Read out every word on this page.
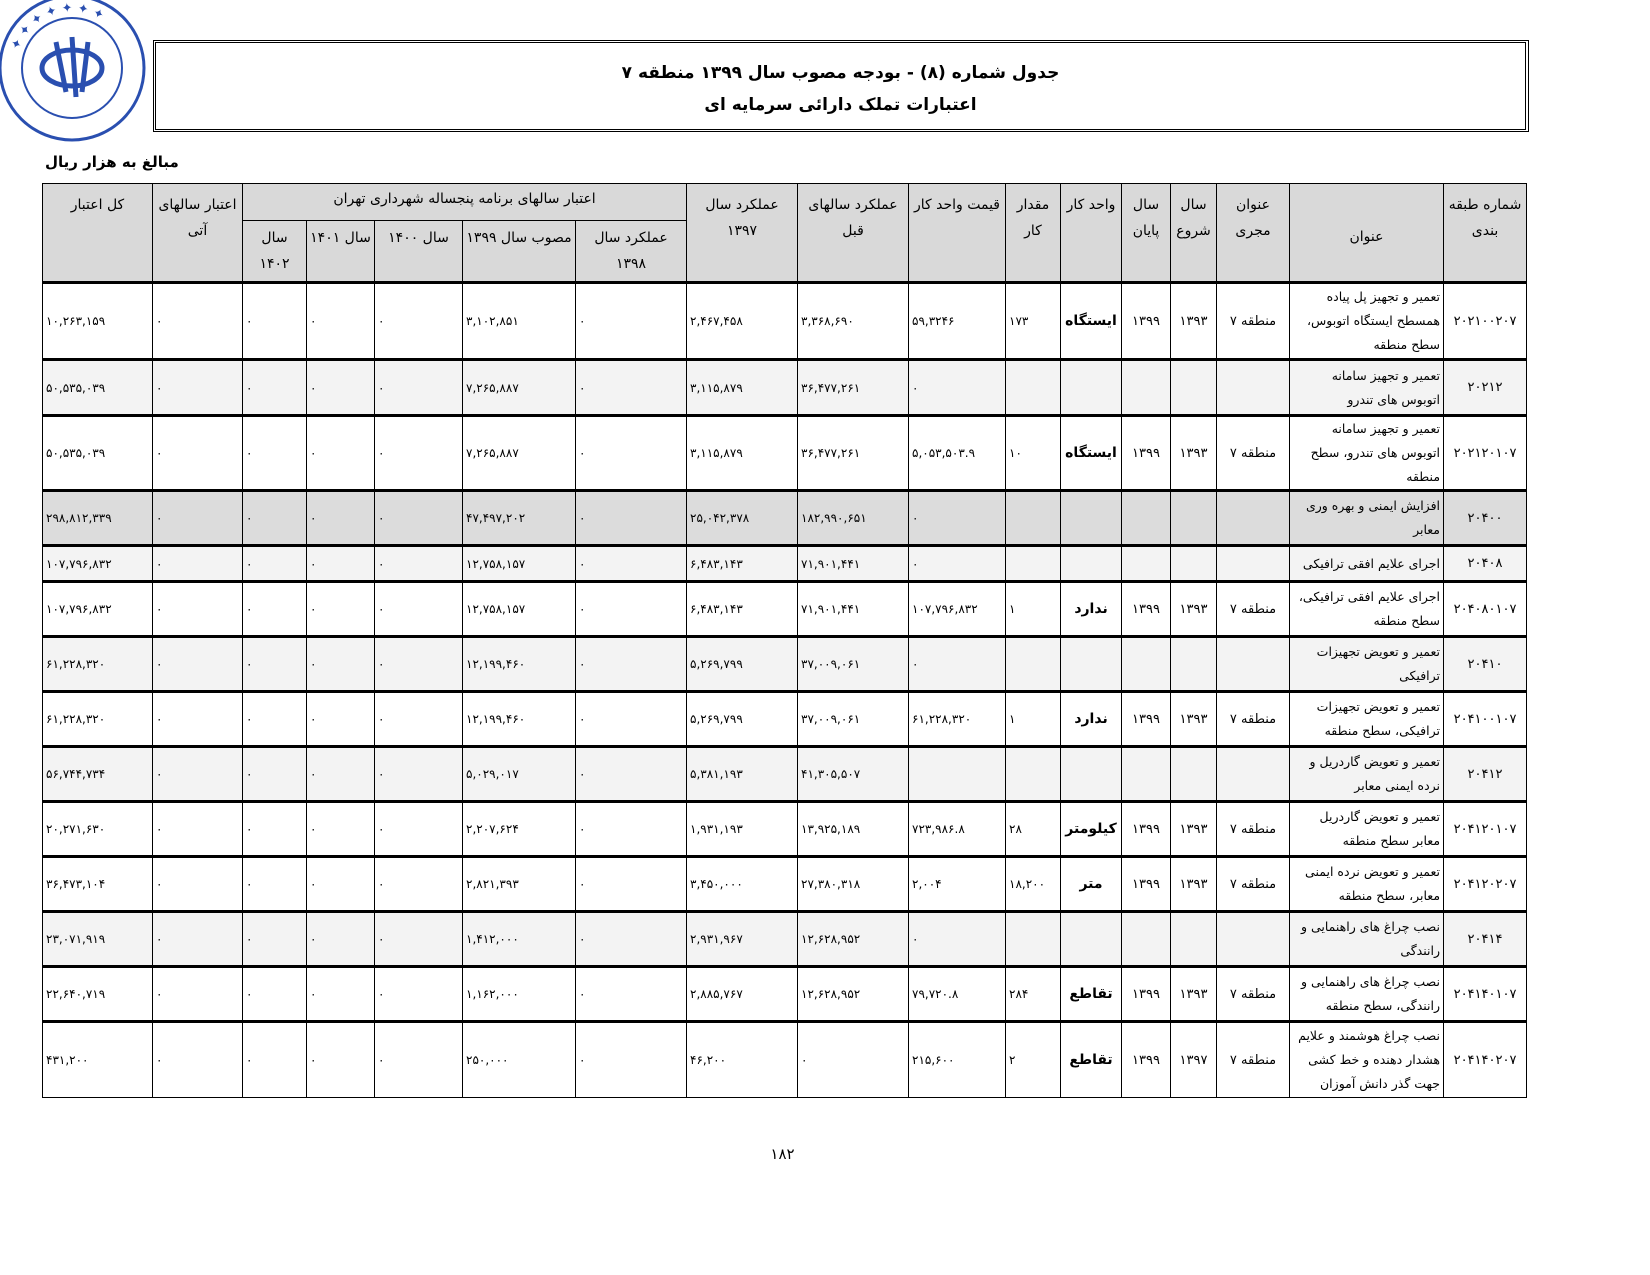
✦ ✦ ✦ ✦ ✦ ✦ ✦
جدول شماره (۸) - بودجه مصوب سال ۱۳۹۹ منطقه ۷
اعتبارات تملک دارائی سرمایه ای
مبالغ به هزار ریال
شماره طبقه بندی	عنوان	عنوان مجری	سال شروع	سال پایان	واحد کار	مقدار کار	قیمت واحد کار	عملکرد سالهای قبل	عملکرد سال ۱۳۹۷	اعتبار سالهای برنامه پنجساله شهرداری تهران					اعتبار سالهای آتی	کل اعتبار
										عملکرد سال ۱۳۹۸	مصوب سال ۱۳۹۹	سال ۱۴۰۰	سال ۱۴۰۱	سال ۱۴۰۲		
۲۰۲۱۰۰۲۰۷	تعمیر و تجهیز پل پیاده همسطح ایستگاه اتوبوس، سطح منطقه	منطقه ۷	۱۳۹۳	۱۳۹۹	ایستگاه	۱۷۳	۵۹,۳۲۴۶	۳,۳۶۸,۶۹۰	۲,۴۶۷,۴۵۸	۰	۳,۱۰۲,۸۵۱	۰	۰	۰	۰	۱۰,۲۶۳,۱۵۹
۲۰۲۱۲	تعمیر و تجهیز سامانه اتوبوس های تندرو						۰	۳۶,۴۷۷,۲۶۱	۳,۱۱۵,۸۷۹	۰	۷,۲۶۵,۸۸۷	۰	۰	۰	۰	۵۰,۵۳۵,۰۳۹
۲۰۲۱۲۰۱۰۷	تعمیر و تجهیز سامانه اتوبوس های تندرو، سطح منطقه	منطقه ۷	۱۳۹۳	۱۳۹۹	ایستگاه	۱۰	۵,۰۵۳,۵۰۳.۹	۳۶,۴۷۷,۲۶۱	۳,۱۱۵,۸۷۹	۰	۷,۲۶۵,۸۸۷	۰	۰	۰	۰	۵۰,۵۳۵,۰۳۹
۲۰۴۰۰	افزایش ایمنی و بهره وری معابر						۰	۱۸۲,۹۹۰,۶۵۱	۲۵,۰۴۲,۳۷۸	۰	۴۷,۴۹۷,۲۰۲	۰	۰	۰	۰	۲۹۸,۸۱۲,۳۳۹
۲۰۴۰۸	اجرای علایم افقی ترافیکی						۰	۷۱,۹۰۱,۴۴۱	۶,۴۸۳,۱۴۳	۰	۱۲,۷۵۸,۱۵۷	۰	۰	۰	۰	۱۰۷,۷۹۶,۸۳۲
۲۰۴۰۸۰۱۰۷	اجرای علایم افقی ترافیکی، سطح منطقه	منطقه ۷	۱۳۹۳	۱۳۹۹	ندارد	۱	۱۰۷,۷۹۶,۸۳۲	۷۱,۹۰۱,۴۴۱	۶,۴۸۳,۱۴۳	۰	۱۲,۷۵۸,۱۵۷	۰	۰	۰	۰	۱۰۷,۷۹۶,۸۳۲
۲۰۴۱۰	تعمیر و تعویض تجهیزات ترافیکی						۰	۳۷,۰۰۹,۰۶۱	۵,۲۶۹,۷۹۹	۰	۱۲,۱۹۹,۴۶۰	۰	۰	۰	۰	۶۱,۲۲۸,۳۲۰
۲۰۴۱۰۰۱۰۷	تعمیر و تعویض تجهیزات ترافیکی، سطح منطقه	منطقه ۷	۱۳۹۳	۱۳۹۹	ندارد	۱	۶۱,۲۲۸,۳۲۰	۳۷,۰۰۹,۰۶۱	۵,۲۶۹,۷۹۹	۰	۱۲,۱۹۹,۴۶۰	۰	۰	۰	۰	۶۱,۲۲۸,۳۲۰
۲۰۴۱۲	تعمیر و تعویض گاردریل و نرده ایمنی معابر							۴۱,۳۰۵,۵۰۷	۵,۳۸۱,۱۹۳	۰	۵,۰۲۹,۰۱۷	۰	۰	۰	۰	۵۶,۷۴۴,۷۳۴
۲۰۴۱۲۰۱۰۷	تعمیر و تعویض گاردریل معابر سطح منطقه	منطقه ۷	۱۳۹۳	۱۳۹۹	کیلومتر	۲۸	۷۲۳,۹۸۶.۸	۱۳,۹۲۵,۱۸۹	۱,۹۳۱,۱۹۳	۰	۲,۲۰۷,۶۲۴	۰	۰	۰	۰	۲۰,۲۷۱,۶۳۰
۲۰۴۱۲۰۲۰۷	تعمیر و تعویض نرده ایمنی معابر، سطح منطقه	منطقه ۷	۱۳۹۳	۱۳۹۹	متر	۱۸,۲۰۰	۲,۰۰۴	۲۷,۳۸۰,۳۱۸	۳,۴۵۰,۰۰۰	۰	۲,۸۲۱,۳۹۳	۰	۰	۰	۰	۳۶,۴۷۳,۱۰۴
۲۰۴۱۴	نصب چراغ های راهنمایی و رانندگی						۰	۱۲,۶۲۸,۹۵۲	۲,۹۳۱,۹۶۷	۰	۱,۴۱۲,۰۰۰	۰	۰	۰	۰	۲۳,۰۷۱,۹۱۹
۲۰۴۱۴۰۱۰۷	نصب چراغ های راهنمایی و رانندگی، سطح منطقه	منطقه ۷	۱۳۹۳	۱۳۹۹	تقاطع	۲۸۴	۷۹,۷۲۰.۸	۱۲,۶۲۸,۹۵۲	۲,۸۸۵,۷۶۷	۰	۱,۱۶۲,۰۰۰	۰	۰	۰	۰	۲۲,۶۴۰,۷۱۹
۲۰۴۱۴۰۲۰۷	نصب چراغ هوشمند و علایم هشدار دهنده و خط کشی جهت گذر دانش آموزان	منطقه ۷	۱۳۹۷	۱۳۹۹	تقاطع	۲	۲۱۵,۶۰۰	۰	۴۶,۲۰۰	۰	۲۵۰,۰۰۰	۰	۰	۰	۰	۴۳۱,۲۰۰
۱۸۲
